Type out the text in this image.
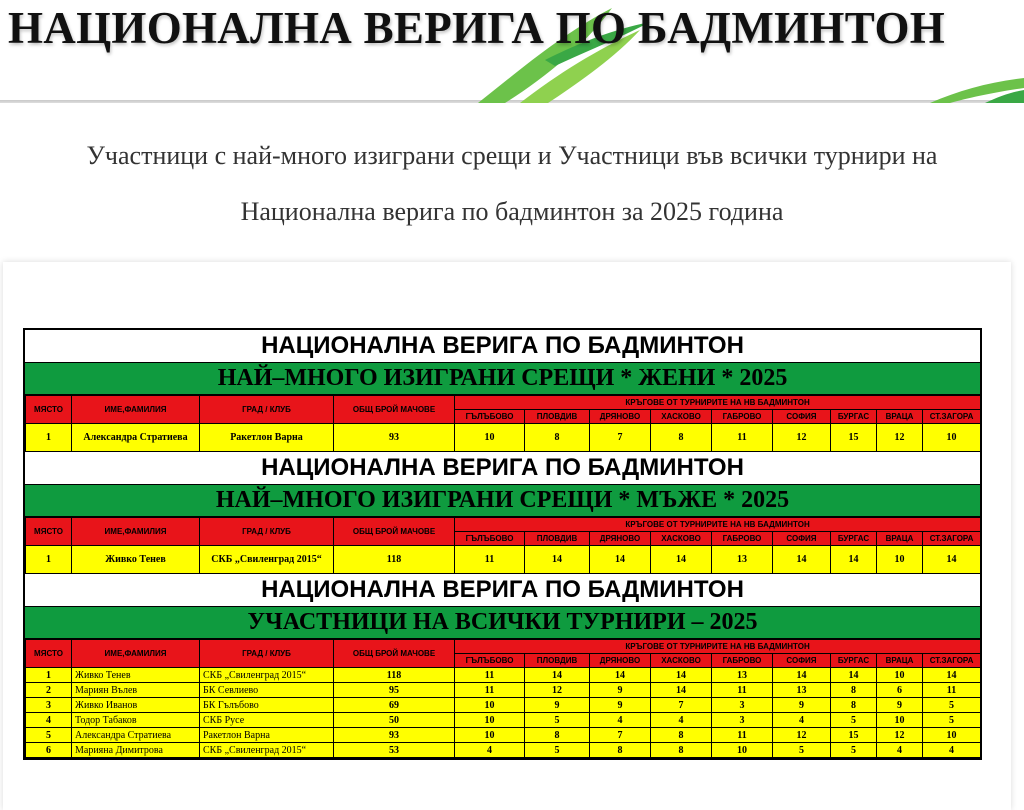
НАЦИОНАЛНА ВЕРИГА ПО БАДМИНТОН
Участници с най-много изиграни срещи и Участници във всички турнири на
Национална верига по бадминтон за 2025 година
НАЦИОНАЛНА ВЕРИГА ПО БАДМИНТОН
НАЙ–МНОГО ИЗИГРАНИ СРЕЩИ * ЖЕНИ * 2025
МЯСТО	ИМЕ,ФАМИЛИЯ	ГРАД / КЛУБ	ОБЩ БРОЙ МАЧОВЕ	КРЪГОВЕ ОТ ТУРНИРИТЕ НА НВ БАДМИНТОН								
				ГЪЛЪБОВО	ПЛОВДИВ	ДРЯНОВО	ХАСКОВО	ГАБРОВО	СОФИЯ	БУРГАС	ВРАЦА	СТ.ЗАГОРА
1	Александра Стратиева	Ракетлон Варна	93	10	8	7	8	11	12	15	12	10
НАЦИОНАЛНА ВЕРИГА ПО БАДМИНТОН
НАЙ–МНОГО ИЗИГРАНИ СРЕЩИ * МЪЖЕ * 2025
МЯСТО	ИМЕ,ФАМИЛИЯ	ГРАД / КЛУБ	ОБЩ БРОЙ МАЧОВЕ	КРЪГОВЕ ОТ ТУРНИРИТЕ НА НВ БАДМИНТОН								
				ГЪЛЪБОВО	ПЛОВДИВ	ДРЯНОВО	ХАСКОВО	ГАБРОВО	СОФИЯ	БУРГАС	ВРАЦА	СТ.ЗАГОРА
1	Живко Тенев	СКБ „Свиленград 2015“	118	11	14	14	14	13	14	14	10	14
НАЦИОНАЛНА ВЕРИГА ПО БАДМИНТОН
УЧАСТНИЦИ НА ВСИЧКИ ТУРНИРИ – 2025
МЯСТО	ИМЕ,ФАМИЛИЯ	ГРАД / КЛУБ	ОБЩ БРОЙ МАЧОВЕ	КРЪГОВЕ ОТ ТУРНИРИТЕ НА НВ БАДМИНТОН								
				ГЪЛЪБОВО	ПЛОВДИВ	ДРЯНОВО	ХАСКОВО	ГАБРОВО	СОФИЯ	БУРГАС	ВРАЦА	СТ.ЗАГОРА
1	Живко Тенев	СКБ „Свиленград 2015“	118	11	14	14	14	13	14	14	10	14
2	Мариян Вълев	БК Севлиево	95	11	12	9	14	11	13	8	6	11
3	Живко Иванов	БК Гълъбово	69	10	9	9	7	3	9	8	9	5
4	Тодор Табаков	СКБ Русе	50	10	5	4	4	3	4	5	10	5
5	Александра Стратиева	Ракетлон Варна	93	10	8	7	8	11	12	15	12	10
6	Марияна Димитрова	СКБ „Свиленград 2015“	53	4	5	8	8	10	5	5	4	4
